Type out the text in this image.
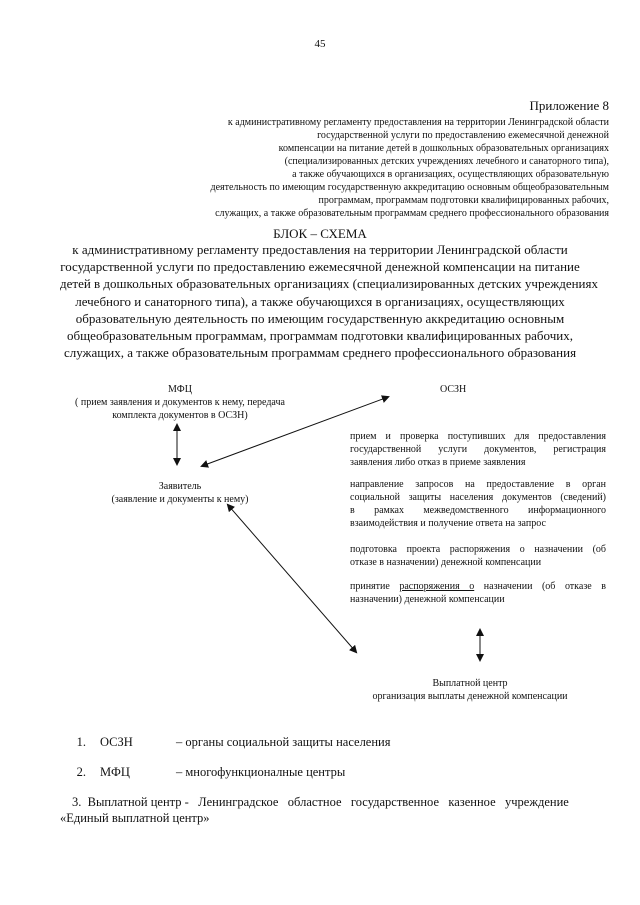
45
Приложение 8
к административному регламенту предоставления на территории Ленинградской области
государственной услуги по предоставлению ежемесячной денежной
компенсации на питание детей в дошкольных образовательных организациях
(специализированных детских учреждениях лечебного и санаторного типа),
а также обучающихся в организациях, осуществляющих образовательную
деятельность по имеющим государственную аккредитацию основным общеобразовательным
программам, программам подготовки квалифицированных рабочих,
служащих, а также образовательным программам среднего профессионального образования
БЛОК – СХЕМА
к административному регламенту предоставления на территории Ленинградской области
государственной услуги по предоставлению ежемесячной денежной компенсации на питание
детей в дошкольных образовательных организациях (специализированных детских учреждениях
лечебного и санаторного типа), а также обучающихся в организациях, осуществляющих
образовательную деятельность по имеющим государственную аккредитацию основным
общеобразовательным программам, программам подготовки квалифицированных рабочих,
служащих, а также образовательным программам среднего профессионального образования
МФЦ
( прием заявления и документов к нему, передача
комплекта документов в ОСЗН)
Заявитель
(заявление и документы к нему)
ОСЗН
прием и проверка поступивших для предоставления
государственной услуги документов, регистрация
заявления либо отказ в приеме заявления
направление запросов на предоставление в орган
социальной защиты населения документов (сведений)
в рамках межведомственного информационного
взаимодействия и получение ответа на запрос
подготовка проекта распоряжения о назначении (об
отказе в назначении) денежной компенсации
принятие распоряжения о назначении (об отказе в
назначении) денежной компенсации
Выплатной центр
организация выплаты денежной компенсации
1. ОСЗН	– органы социальной защиты населения
2. МФЦ	– многофункционалные центры
3.  Выплатной центр -   Ленинградское   областное   государственное   казенное   учреждение
«Единый выплатной центр»
